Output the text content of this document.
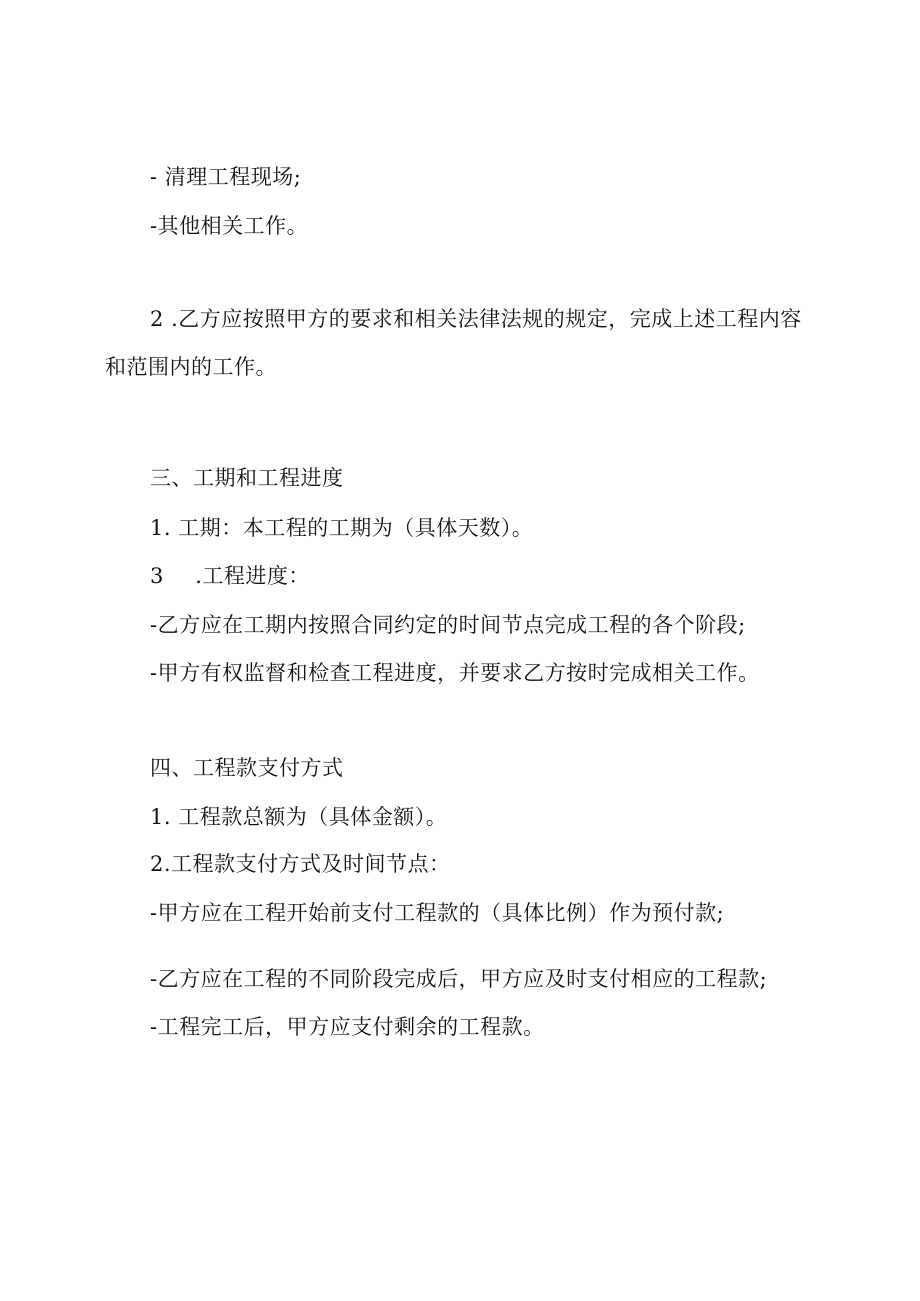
- 清理工程现场;
-其他相关工作。
2 .乙方应按照甲方的要求和相关法律法规的规定，完成上述工程内容
和范围内的工作。
三、工期和工程进度
1. 工期：本工程的工期为（具体天数）。
3 .工程进度：
-乙方应在工期内按照合同约定的时间节点完成工程的各个阶段;
-甲方有权监督和检查工程进度，并要求乙方按时完成相关工作。
四、工程款支付方式
1. 工程款总额为（具体金额）。
2.工程款支付方式及时间节点：
-甲方应在工程开始前支付工程款的（具体比例）作为预付款;
-乙方应在工程的不同阶段完成后，甲方应及时支付相应的工程款;
-工程完工后，甲方应支付剩余的工程款。
